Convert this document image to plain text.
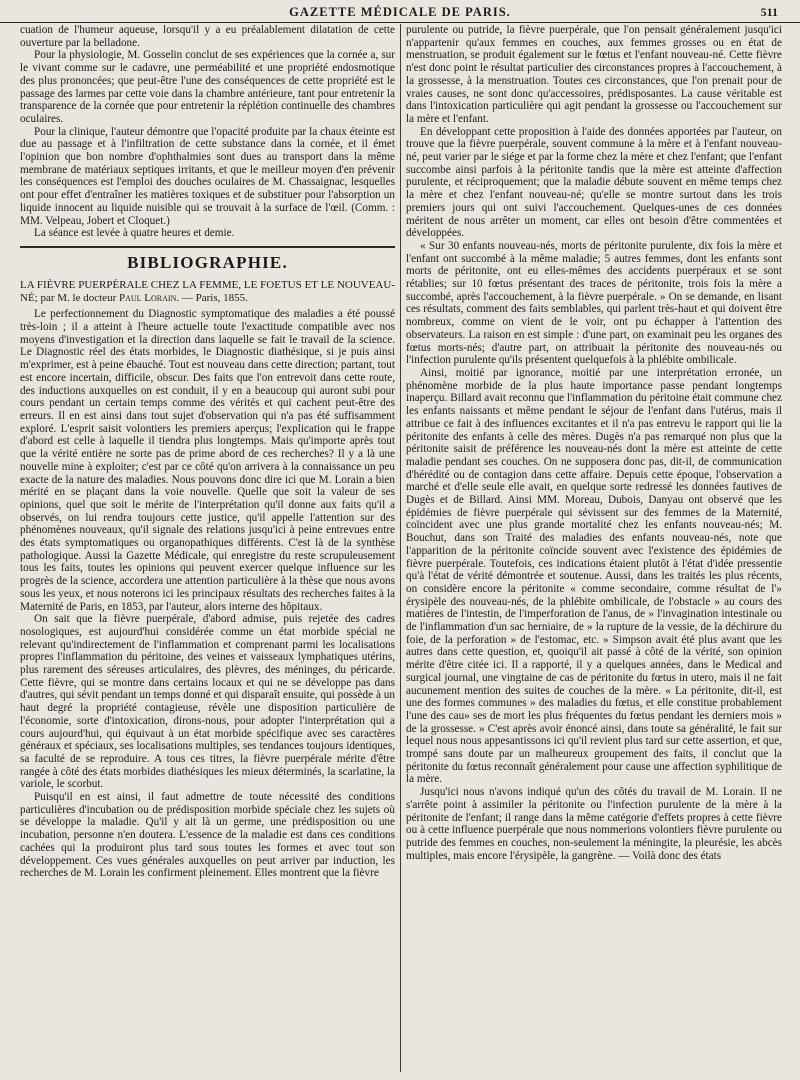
GAZETTE MÉDICALE DE PARIS.	511

cuation de l'humeur aqueuse, lorsqu'il y a eu préalablement dilatation de cette ouverture par la belladone.

Pour la physiologie, M. Gosselin conclut de ses expériences que la cornée a, sur le vivant comme sur le cadavre, une perméabilité et une propriété endosmotique des plus prononcées; que peut-être l'une des conséquences de cette propriété est le passage des larmes par cette voie dans la chambre antérieure, tant pour entretenir la transparence de la cornée que pour entretenir la réplétion continuelle des chambres oculaires.

Pour la clinique, l'auteur démontre que l'opacité produite par la chaux éteinte est due au passage et à l'infiltration de cette substance dans la cornée, et il émet l'opinion que bon nombre d'ophthalmies sont dues au transport dans la même membrane de matériaux septiques irritants, et que le meilleur moyen d'en prévenir les conséquences est l'emploi des douches oculaires de M. Chassaignac, lesquelles ont pour effet d'entraîner les matières toxiques et de substituer pour l'absorption un liquide innocent au liquide nuisible qui se trouvait à la surface de l'œil. (Comm. : MM. Velpeau, Jobert et Cloquet.)

La séance est levée à quatre heures et demie.

BIBLIOGRAPHIE.

LA FIÈVRE PUERPÉRALE CHEZ LA FEMME, LE FOETUS ET LE NOUVEAU-NÉ; par M. le docteur Paul Lorain. — Paris, 1855.

Le perfectionnement du Diagnostic symptomatique des maladies a été poussé très-loin ; il a atteint à l'heure actuelle toute l'exactitude compatible avec nos moyens d'investigation et la direction dans laquelle se fait le travail de la science. Le Diagnostic réel des états morbides, le Diagnostic diathésique, si je puis ainsi m'exprimer, est à peine ébauché. Tout est nouveau dans cette direction; partant, tout est encore incertain, difficile, obscur. Des faits que l'on entrevoit dans cette route, des inductions auxquelles on est conduit, il y en a beaucoup qui auront subi pour cours pendant un certain temps comme des vérités et qui cachent peut-être des erreurs. Il en est ainsi dans tout sujet d'observation qui n'a pas été suffisamment exploré. L'esprit saisit volontiers les premiers aperçus; l'explication qui le frappe d'abord est celle à laquelle il tiendra plus longtemps. Mais qu'importe après tout que la vérité entière ne sorte pas de prime abord de ces recherches? Il y a là une nouvelle mine à exploiter; c'est par ce côté qu'on arrivera à la connaissance un peu exacte de la nature des maladies. Nous pouvons donc dire ici que M. Lorain a bien mérité en se plaçant dans la voie nouvelle. Quelle que soit la valeur de ses opinions, quel que soit le mérite de l'interprétation qu'il donne aux faits qu'il a observés, on lui rendra toujours cette justice, qu'il appelle l'attention sur des phénomènes nouveaux, qu'il signale des relations jusqu'ici à peine entrevues entre des états symptomatiques ou organopathiques différents. C'est là de la synthèse pathologique. Aussi la Gazette Médicale, qui enregistre du reste scrupuleusement tous les faits, toutes les opinions qui peuvent exercer quelque influence sur les progrès de la science, accordera une attention particulière à la thèse que nous avons sous les yeux, et nous noterons ici les principaux résultats des recherches faites à la Maternité de Paris, en 1853, par l'auteur, alors interne des hôpitaux.

On sait que la fièvre puerpérale, d'abord admise, puis rejetée des cadres nosologiques, est aujourd'hui considérée comme un état morbide spécial ne relevant qu'indirectement de l'inflammation et comprenant parmi les localisations propres l'inflammation du péritoine, des veines et vaisseaux lymphatiques utérins, plus rarement des séreuses articulaires, des plèvres, des méninges, du péricarde. Cette fièvre, qui se montre dans certains locaux et qui ne se développe pas dans d'autres, qui sévit pendant un temps donné et qui disparaît ensuite, qui possède à un haut degré la propriété contagieuse, révèle une disposition particulière de l'économie, sorte d'intoxication, dirons-nous, pour adopter l'interprétation qui a cours aujourd'hui, qui équivaut à un état morbide spécifique avec ses caractères généraux et spéciaux, ses localisations multiples, ses tendances toujours identiques, sa faculté de se reproduire. A tous ces titres, la fièvre puerpérale mérite d'être rangée à côté des états morbides diathésiques les mieux déterminés, la scarlatine, la variole, le scorbut.

Puisqu'il en est ainsi, il faut admettre de toute nécessité des conditions particulières d'incubation ou de prédisposition morbide spéciale chez les sujets où se développe la maladie. Qu'il y ait là un germe, une prédisposition ou une incubation, personne n'en doutera. L'essence de la maladie est dans ces conditions cachées qui la produiront plus tard sous toutes les formes et avec tout son développement. Ces vues générales auxquelles on peut arriver par induction, les recherches de M. Lorain les confirment pleinement. Elles montrent que la fièvre

purulente ou putride, la fièvre puerpérale, que l'on pensait généralement jusqu'ici n'appartenir qu'aux femmes en couches, aux femmes grosses ou en état de menstruation, se produit également sur le fœtus et l'enfant nouveau-né. Cette fièvre n'est donc point le résultat particulier des circonstances propres à l'accouchement, à la grossesse, à la menstruation. Toutes ces circonstances, que l'on prenait pour de vraies causes, ne sont donc qu'accessoires, prédisposantes. La cause véritable est dans l'intoxication particulière qui agit pendant la grossesse ou l'accouchement sur la mère et l'enfant.

En développant cette proposition à l'aide des données apportées par l'auteur, on trouve que la fièvre puerpérale, souvent commune à la mère et à l'enfant nouveau-né, peut varier par le siége et par la forme chez la mère et chez l'enfant; que l'enfant succombe ainsi parfois à la péritonite tandis que la mère est atteinte d'affection purulente, et réciproquement; que la maladie débute souvent en même temps chez la mère et chez l'enfant nouveau-né; qu'elle se montre surtout dans les trois premiers jours qui ont suivi l'accouchement. Quelques-unes de ces données méritent de nous arrêter un moment, car elles ont besoin d'être commentées et développées.

« Sur 30 enfants nouveau-nés, morts de péritonite purulente, dix fois la mère et l'enfant ont succombé à la même maladie; 5 autres femmes, dont les enfants sont morts de péritonite, ont eu elles-mêmes des accidents puerpéraux et se sont rétablies; sur 10 fœtus présentant des traces de péritonite, trois fois la mère a succombé, après l'accouchement, à la fièvre puerpérale. » On se demande, en lisant ces résultats, comment des faits semblables, qui parlent très-haut et qui doivent être nombreux, comme on vient de le voir, ont pu échapper à l'attention des observateurs. La raison en est simple : d'une part, on examinait peu les organes des fœtus morts-nés; d'autre part, on attribuait la péritonite des nouveau-nés ou l'infection purulente qu'ils présentent quelquefois à la phlébite ombilicale.

Ainsi, moitié par ignorance, moitié par une interprétation erronée, un phénomène morbide de la plus haute importance passe pendant longtemps inaperçu. Billard avait reconnu que l'inflammation du péritoine était commune chez les enfants naissants et même pendant le séjour de l'enfant dans l'utérus, mais il attribue ce fait à des influences excitantes et il n'a pas entrevu le rapport qui lie la péritonite des enfants à celle des mères. Dugès n'a pas remarqué non plus que la péritonite saisit de préférence les nouveau-nés dont la mère est atteinte de cette maladie pendant ses couches. On ne supposera donc pas, dit-il, de communication d'hérédité ou de contagion dans cette affaire. Depuis cette époque, l'observation a marché et d'elle seule elle avait, en quelque sorte redressé les données fautives de Dugès et de Billard. Ainsi MM. Moreau, Dubois, Danyau ont observé que les épidémies de fièvre puerpérale qui sévissent sur des femmes de la Maternité, coïncident avec une plus grande mortalité chez les enfants nouveau-nés; M. Bouchut, dans son Traité des maladies des enfants nouveau-nés, note que l'apparition de la péritonite coïncide souvent avec l'existence des épidémies de fièvre puerpérale. Toutefois, ces indications étaient plutôt à l'état d'idée pressentie qu'à l'état de vérité démontrée et soutenue. Aussi, dans les traités les plus récents, on considère encore la péritonite « comme secondaire, comme résultat de l'» érysipèle des nouveau-nés, de la phlébite ombilicale, de l'obstacle » au cours des matières de l'intestin, de l'imperforation de l'anus, de » l'invagination intestinale ou de l'inflammation d'un sac herniaire, de » la rupture de la vessie, de la déchirure du foie, de la perforation » de l'estomac, etc. » Simpson avait été plus avant que les autres dans cette question, et, quoiqu'il ait passé à côté de la vérité, son opinion mérite d'être citée ici. Il a rapporté, il y a quelques années, dans le Medical and surgical journal, une vingtaine de cas de péritonite du fœtus in utero, mais il ne fait aucunement mention des suites de couches de la mère. « La péritonite, dit-il, est une des formes communes » des maladies du fœtus, et elle constitue probablement l'une des cau» ses de mort les plus fréquentes du fœtus pendant les derniers mois » de la grossesse. » C'est après avoir énoncé ainsi, dans toute sa généralité, le fait sur lequel nous nous appesantissons ici qu'il revient plus tard sur cette assertion, et que, trompé sans doute par un malheureux groupement des faits, il conclut que la péritonite du fœtus reconnaît généralement pour cause une affection syphilitique de la mère.

Jusqu'ici nous n'avons indiqué qu'un des côtés du travail de M. Lorain. Il ne s'arrête point à assimiler la péritonite ou l'infection purulente de la mère à la péritonite de l'enfant; il range dans la même catégorie d'effets propres à cette fièvre ou à cette influence puerpérale que nous nommerions volontiers fièvre purulente ou putride des femmes en couches, non-seulement la méningite, la pleurésie, les abcès multiples, mais encore l'érysipèle, la gangrène. — Voilà donc des états
